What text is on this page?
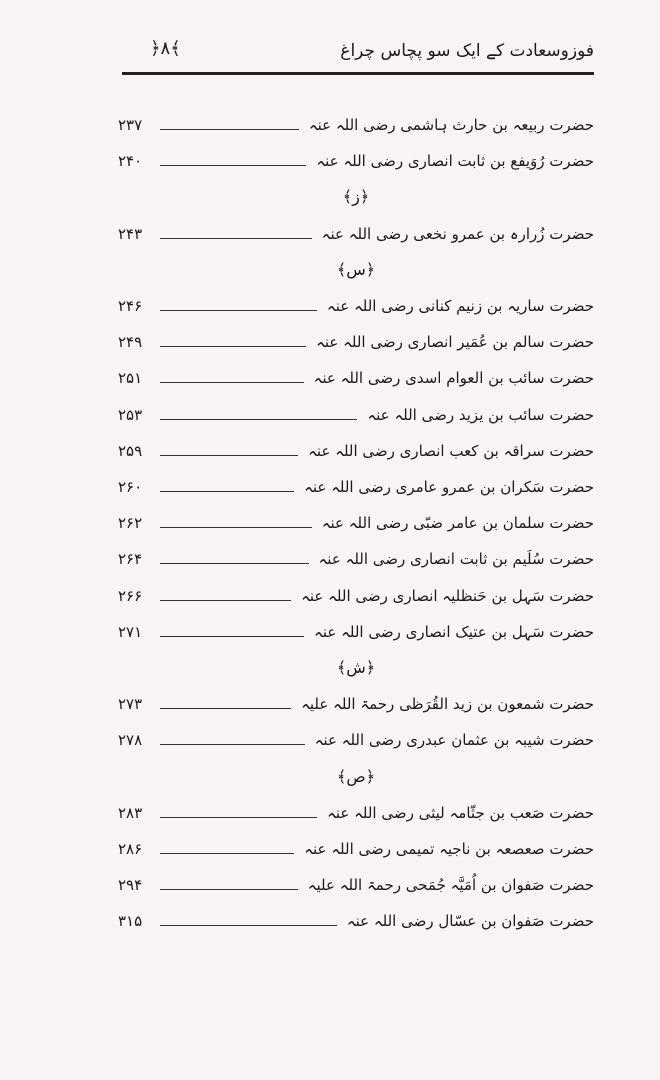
فوزوسعادت کے ایک سو پچاس چراغ
﴿۸﴾
حضرت ربیعہ بن حارث ہاشمی رضی اللہ عنہ
۲۳۷
حضرت رُوَیفع بن ثابت انصاری رضی اللہ عنہ
۲۴۰
﴿ز﴾
حضرت زُرارہ بن عمرو نخعی رضی اللہ عنہ
۲۴۳
﴿س﴾
حضرت ساریہ بن زنیم کنانی رضی اللہ عنہ
۲۴۶
حضرت سالم بن عُمَیر انصاری رضی اللہ عنہ
۲۴۹
حضرت سائب بن العوام اسدی رضی اللہ عنہ
۲۵۱
حضرت سائب بن یزید رضی اللہ عنہ
۲۵۳
حضرت سراقہ بن کعب انصاری رضی اللہ عنہ
۲۵۹
حضرت سَکران بن عمرو عامری رضی اللہ عنہ
۲۶۰
حضرت سلمان بن عامر ضبّی رضی اللہ عنہ
۲۶۲
حضرت سُلَیم بن ثابت انصاری رضی اللہ عنہ
۲۶۴
حضرت سَہل بن حَنظلیہ انصاری رضی اللہ عنہ
۲۶۶
حضرت سَہل بن عتیک انصاری رضی اللہ عنہ
۲۷۱
﴿ش﴾
حضرت شمعون بن زید القُرَظی رحمۃ اللہ علیہ
۲۷۳
حضرت شیبہ بن عثمان عبدری رضی اللہ عنہ
۲۷۸
﴿ص﴾
حضرت صَعب بن جثّامہ لیثی رضی اللہ عنہ
۲۸۳
حضرت صعصعہ بن ناجیہ تمیمی رضی اللہ عنہ
۲۸۶
حضرت صَفوان بن اُمَیَّہ جُمَحی رحمۃ اللہ علیہ
۲۹۴
حضرت صَفوان بن عسّال رضی اللہ عنہ
۳۱۵
